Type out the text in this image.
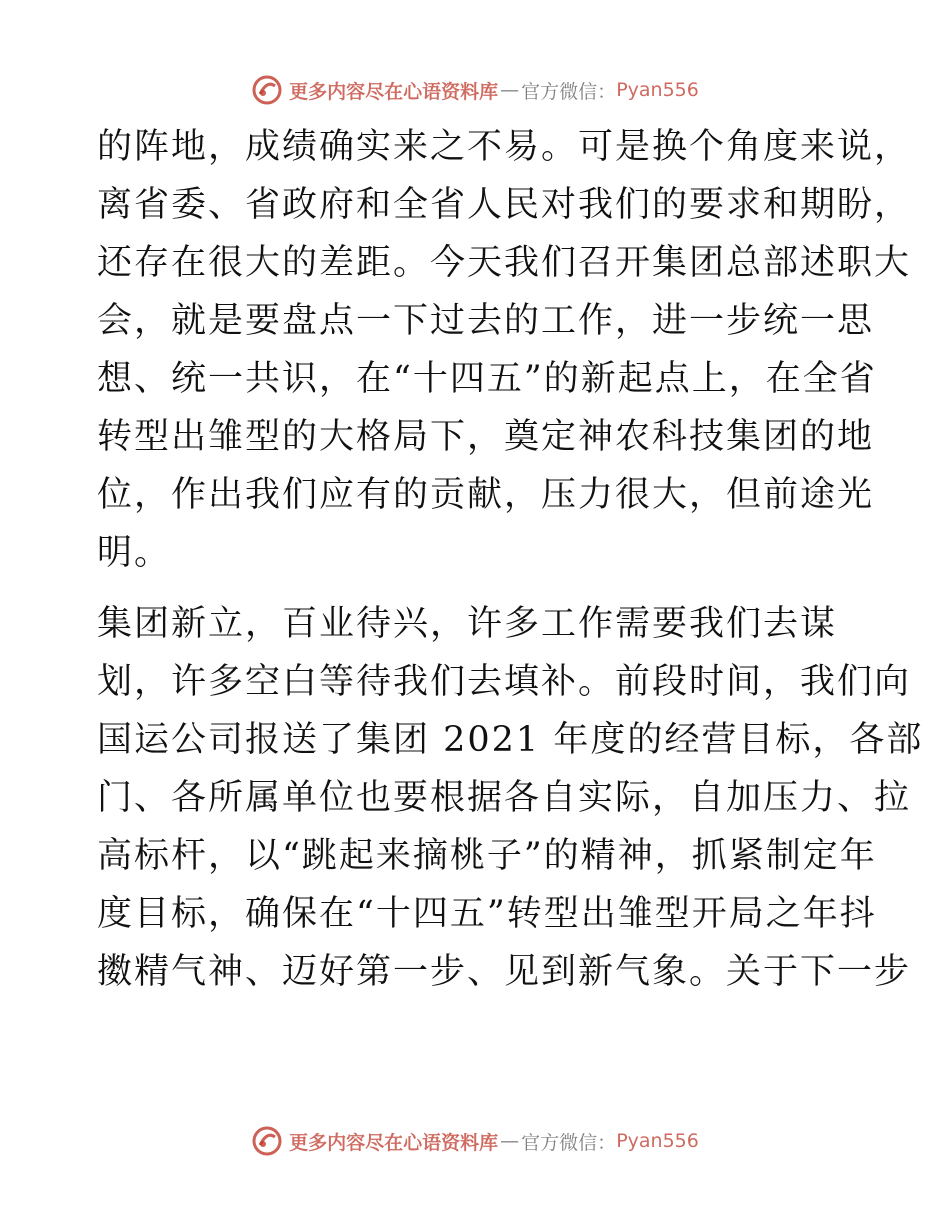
更多内容尽在心语资料库 — 官方微信： Pyan556
的阵地，成绩确实来之不易。可是换个角度来说，
离省委、省政府和全省人民对我们的要求和期盼，
还存在很大的差距。今天我们召开集团总部述职大
会，就是要盘点一下过去的工作，进一步统一思
想、统一共识，在“十四五”的新起点上，在全省
转型出雏型的大格局下，奠定神农科技集团的地
位，作出我们应有的贡献，压力很大，但前途光
明。
集团新立，百业待兴，许多工作需要我们去谋
划，许多空白等待我们去填补。前段时间，我们向
国运公司报送了集团 2021 年度的经营目标，各部
门、各所属单位也要根据各自实际，自加压力、拉
高标杆，以“跳起来摘桃子”的精神，抓紧制定年
度目标，确保在“十四五”转型出雏型开局之年抖
擞精气神、迈好第一步、见到新气象。关于下一步
更多内容尽在心语资料库 — 官方微信： Pyan556
